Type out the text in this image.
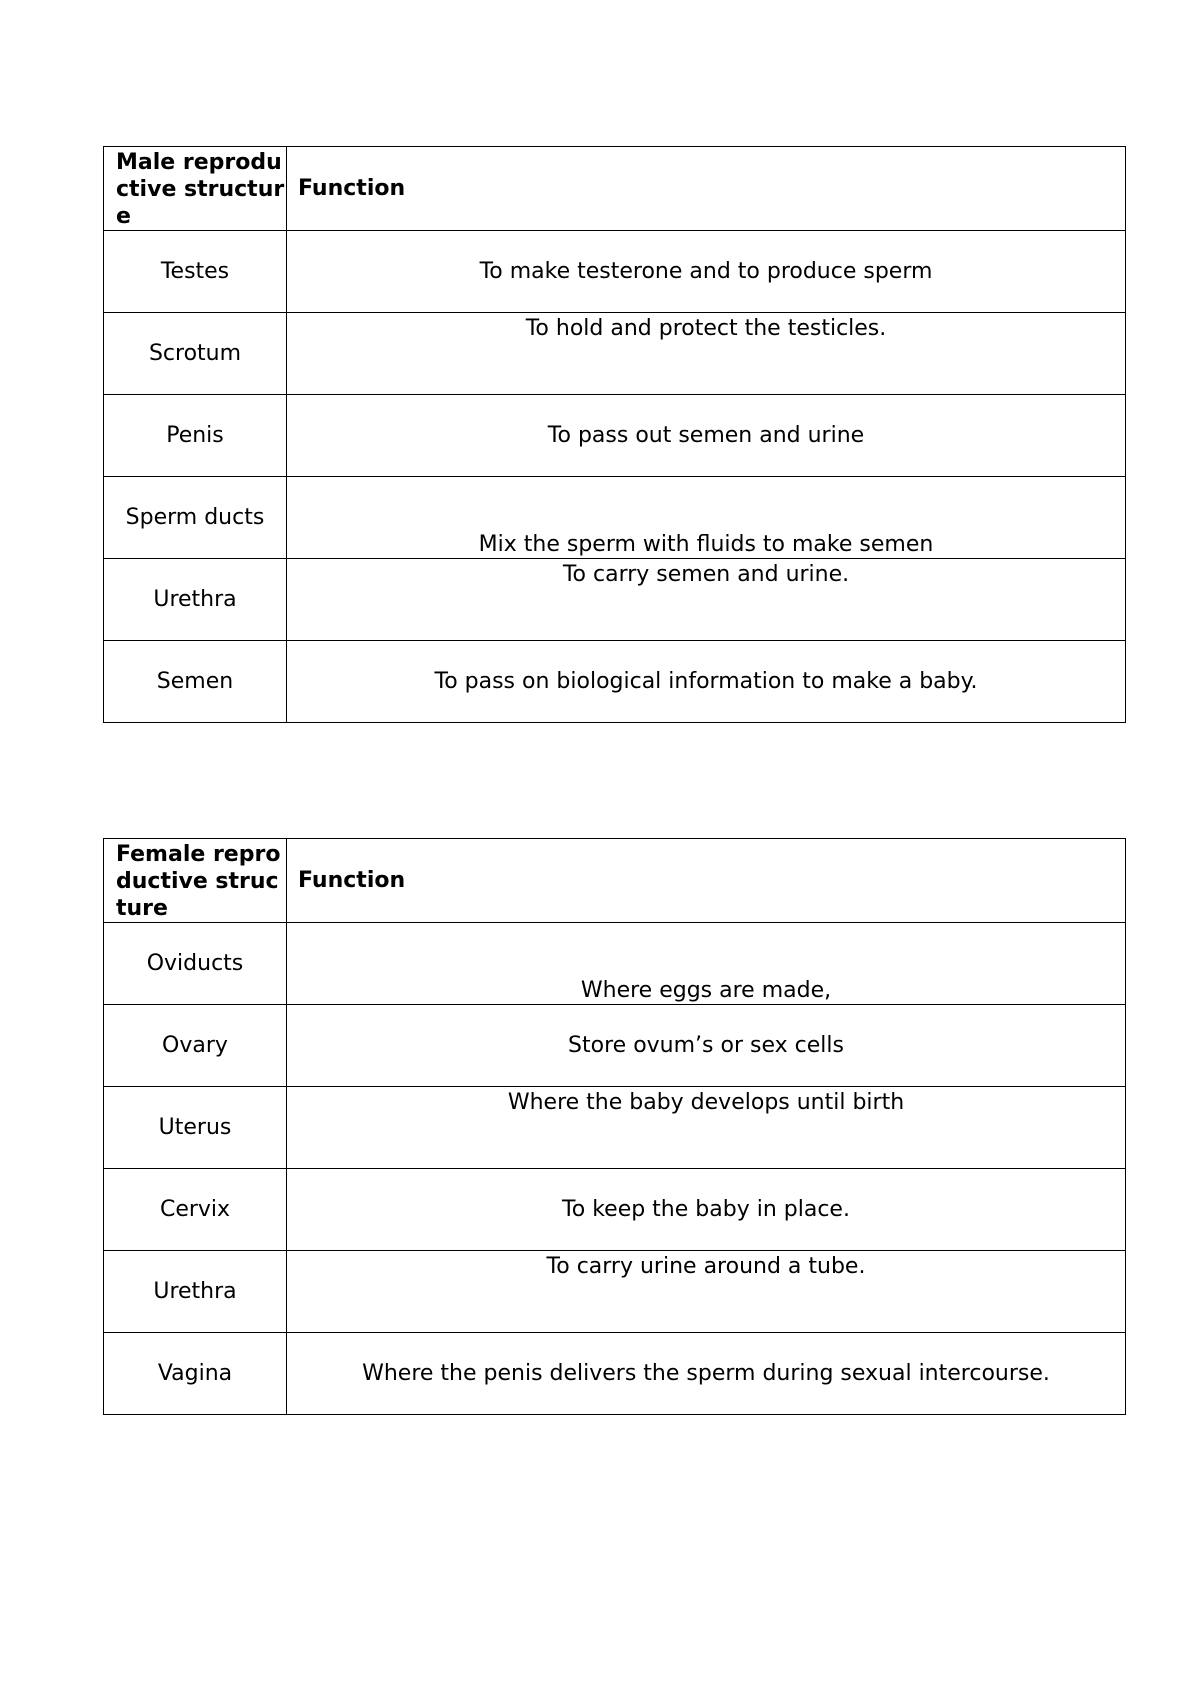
Male reproductive structure	Function
Testes	To make testerone and to produce sperm
Scrotum	To hold and protect the testicles.
Penis	To pass out semen and urine
Sperm ducts	Mix the sperm with fluids to make semen
Urethra	To carry semen and urine.
Semen	To pass on biological information to make a baby.
Female reproductive structure	Function
Oviducts	Where eggs are made,
Ovary	Store ovum’s or sex cells
Uterus	Where the baby develops until birth
Cervix	To keep the baby in place.
Urethra	To carry urine around a tube.
Vagina	Where the penis delivers the sperm during sexual intercourse.
